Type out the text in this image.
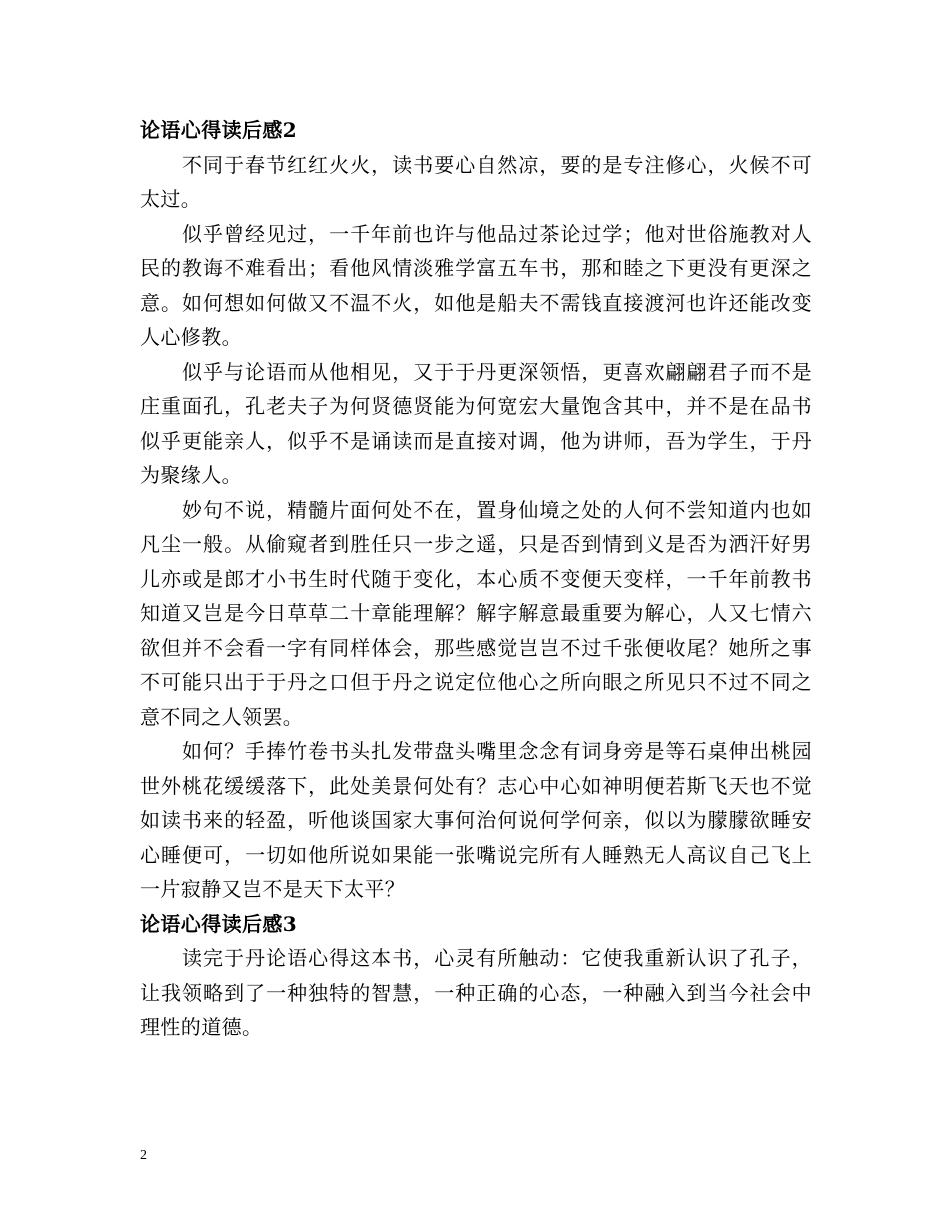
论语心得读后感2

不同于春节红红火火，读书要心自然凉，要的是专注修心，火候不可太过。

似乎曾经见过，一千年前也许与他品过茶论过学；他对世俗施教对人民的教诲不难看出；看他风情淡雅学富五车书，那和睦之下更没有更深之意。如何想如何做又不温不火，如他是船夫不需钱直接渡河也许还能改变人心修教。

似乎与论语而从他相见，又于于丹更深领悟，更喜欢翩翩君子而不是庄重面孔，孔老夫子为何贤德贤能为何宽宏大量饱含其中，并不是在品书似乎更能亲人，似乎不是诵读而是直接对调，他为讲师，吾为学生，于丹为聚缘人。

妙句不说，精髓片面何处不在，置身仙境之处的人何不尝知道内也如凡尘一般。从偷窥者到胜任只一步之遥，只是否到情到义是否为洒汗好男儿亦或是郎才小书生时代随于变化，本心质不变便天变样，一千年前教书知道又岂是今日草草二十章能理解？解字解意最重要为解心，人又七情六欲但并不会看一字有同样体会，那些感觉岂岂不过千张便收尾？她所之事不可能只出于于丹之口但于丹之说定位他心之所向眼之所见只不过不同之意不同之人领罢。

如何？手捧竹卷书头扎发带盘头嘴里念念有词身旁是等石桌伸出桃园世外桃花缓缓落下，此处美景何处有？志心中心如神明便若斯飞天也不觉如读书来的轻盈，听他谈国家大事何治何说何学何亲，似以为朦朦欲睡安心睡便可，一切如他所说如果能一张嘴说完所有人睡熟无人高议自己飞上一片寂静又岂不是天下太平？

论语心得读后感3

读完于丹论语心得这本书，心灵有所触动：它使我重新认识了孔子，让我领略到了一种独特的智慧，一种正确的心态，一种融入到当今社会中理性的道德。

2
